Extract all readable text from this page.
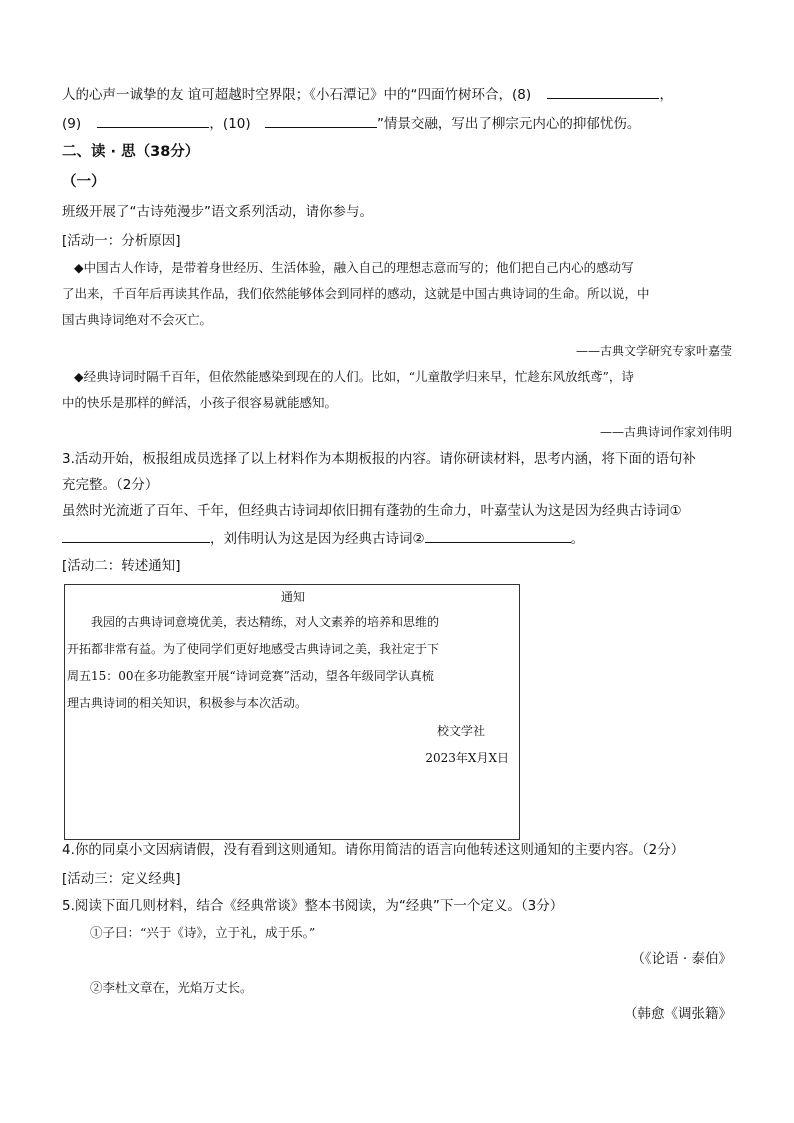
人的心声一诚挚的友 谊可超越时空界限；《小石潭记》中的“四面竹树环合，(8)	，
(9)	，(10)	”情景交融，写出了柳宗元内心的抑郁忧伤。
二、读 · 思（38分）
（一）
班级开展了“古诗苑漫步”语文系列活动，请你参与。
[活动一：分析原因]
◆中国古人作诗，是带着身世经历、生活体验，融入自己的理想志意而写的；他们把自己内心的感动写
了出来，千百年后再读其作品，我们依然能够体会到同样的感动，这就是中国古典诗词的生命。所以说，中
国古典诗词绝对不会灭亡。
——古典文学研究专家叶嘉莹
◆经典诗词时隔千百年，但依然能感染到现在的人们。比如，“儿童散学归来早，忙趁东风放纸鸢”，诗
中的快乐是那样的鲜活，小孩子很容易就能感知。
——古典诗词作家刘伟明
3.活动开始，板报组成员选择了以上材料作为本期板报的内容。请你研读材料，思考内涵，将下面的语句补
充完整。（2分）
虽然时光流逝了百年、千年，但经典古诗词却依旧拥有蓬勃的生命力，叶嘉莹认为这是因为经典古诗词①
，刘伟明认为这是因为经典古诗词②	。
[活动二：转述通知]
通知
我园的古典诗词意境优美，表达精练，对人文素养的培养和思维的
开拓都非常有益。为了使同学们更好地感受古典诗词之美，我社定于下
周五15：00在多功能教室开展“诗词竞赛”活动，望各年级同学认真梳
理古典诗词的相关知识，积极参与本次活动。
校文学社
2023年X月X日
4.你的同桌小文因病请假，没有看到这则通知。请你用简洁的语言向他转述这则通知的主要内容。（2分）
[活动三：定义经典]
5.阅读下面几则材料，结合《经典常谈》整本书阅读，为“经典”下一个定义。（3分）
①子曰：“兴于《诗》，立于礼，成于乐。”
（《论语 · 泰伯》
②李杜文章在，光焰万丈长。
（韩愈《调张籍》
